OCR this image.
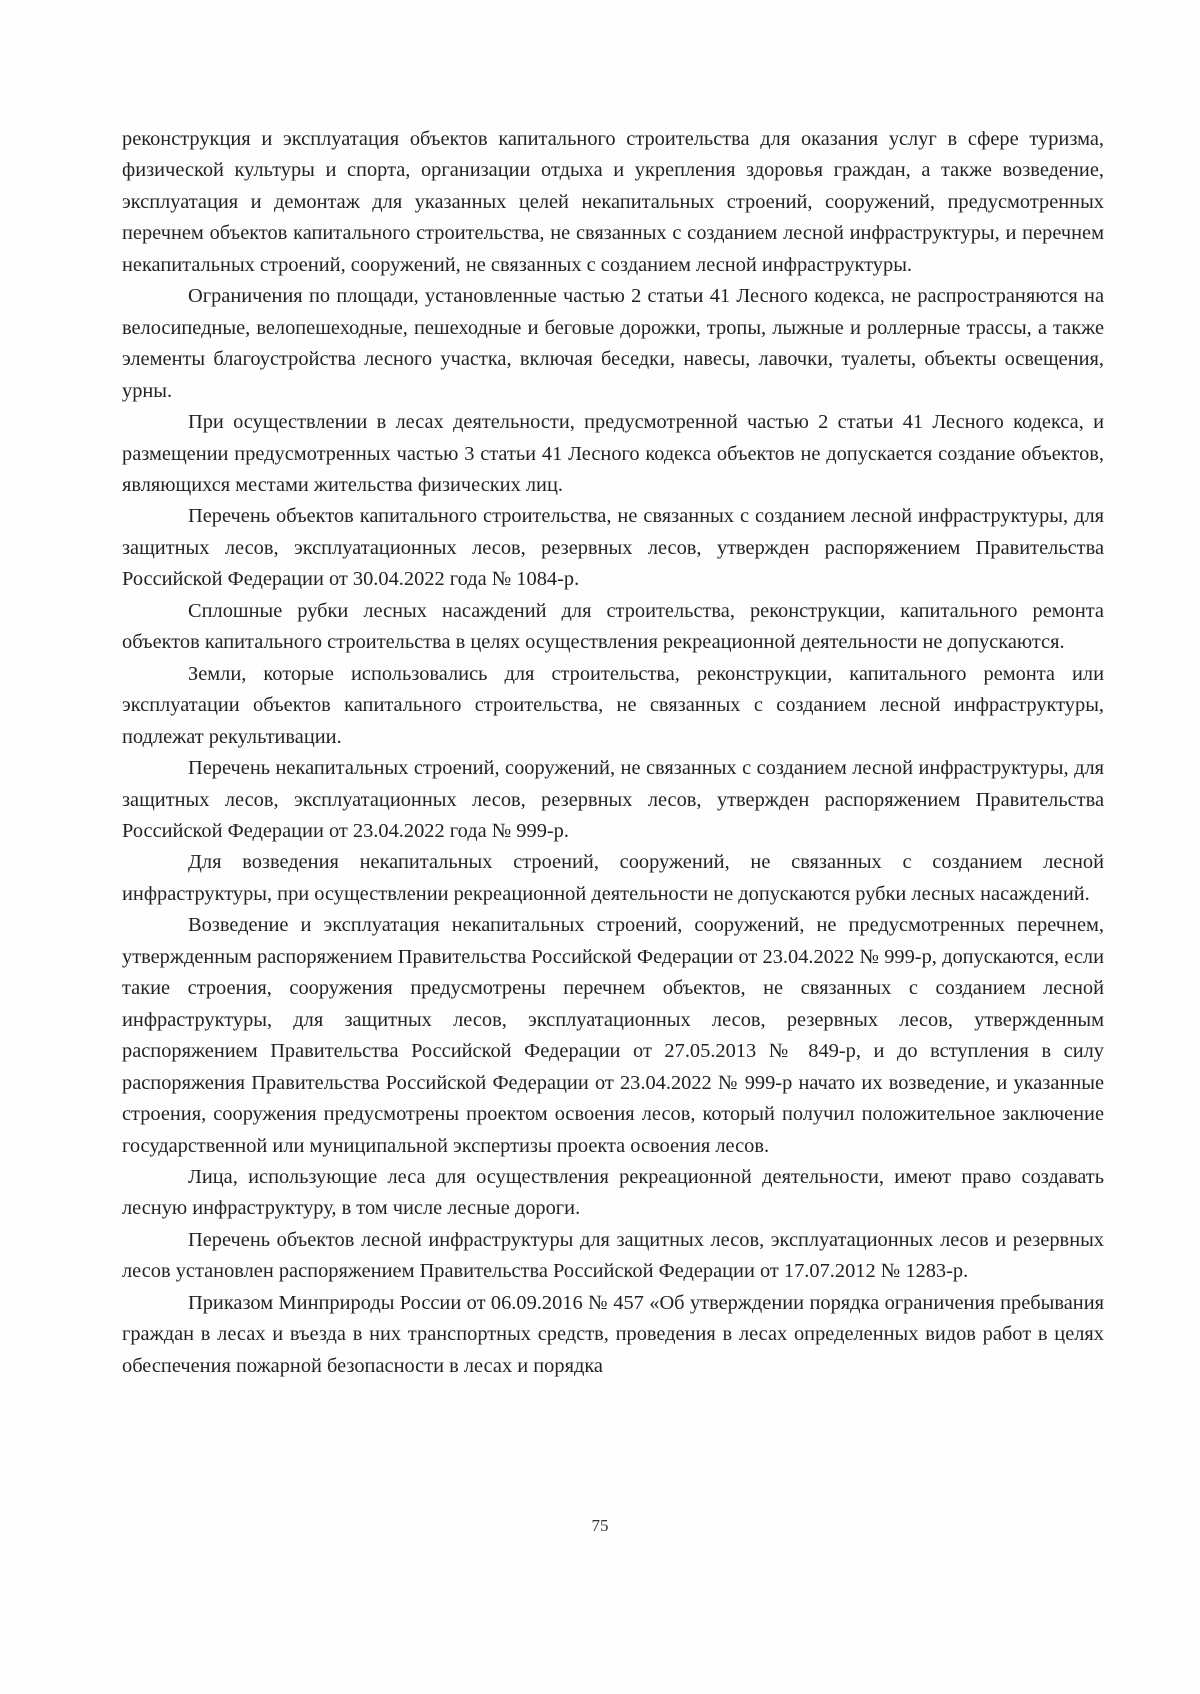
реконструкция и эксплуатация объектов капитального строительства для оказания услуг в сфере туризма, физической культуры и спорта, организации отдыха и укрепления здоровья граждан, а также возведение, эксплуатация и демонтаж для указанных целей некапитальных строений, сооружений, предусмотренных перечнем объектов капитального строительства, не связанных с созданием лесной инфраструктуры, и перечнем некапитальных строений, сооружений, не связанных с созданием лесной инфраструктуры.

Ограничения по площади, установленные частью 2 статьи 41 Лесного кодекса, не распространяются на велосипедные, велопешеходные, пешеходные и беговые дорожки, тропы, лыжные и роллерные трассы, а также элементы благоустройства лесного участка, включая беседки, навесы, лавочки, туалеты, объекты освещения, урны.

При осуществлении в лесах деятельности, предусмотренной частью 2 статьи 41 Лесного кодекса, и размещении предусмотренных частью 3 статьи 41 Лесного кодекса объектов не допускается создание объектов, являющихся местами жительства физических лиц.

Перечень объектов капитального строительства, не связанных с созданием лесной инфраструктуры, для защитных лесов, эксплуатационных лесов, резервных лесов, утвержден распоряжением Правительства Российской Федерации от 30.04.2022 года № 1084-р.

Сплошные рубки лесных насаждений для строительства, реконструкции, капитального ремонта объектов капитального строительства в целях осуществления рекреационной деятельности не допускаются.

Земли, которые использовались для строительства, реконструкции, капитального ремонта или эксплуатации объектов капитального строительства, не связанных с созданием лесной инфраструктуры, подлежат рекультивации.

Перечень некапитальных строений, сооружений, не связанных с созданием лесной инфраструктуры, для защитных лесов, эксплуатационных лесов, резервных лесов, утвержден распоряжением Правительства Российской Федерации от 23.04.2022 года № 999-р.

Для возведения некапитальных строений, сооружений, не связанных с созданием лесной инфраструктуры, при осуществлении рекреационной деятельности не допускаются рубки лесных насаждений.

Возведение и эксплуатация некапитальных строений, сооружений, не предусмотренных перечнем, утвержденным распоряжением Правительства Российской Федерации от 23.04.2022 № 999-р, допускаются, если такие строения, сооружения предусмотрены перечнем объектов, не связанных с созданием лесной инфраструктуры, для защитных лесов, эксплуатационных лесов, резервных лесов, утвержденным распоряжением Правительства Российской Федерации от 27.05.2013 № 849-р, и до вступления в силу распоряжения Правительства Российской Федерации от 23.04.2022 № 999-р начато их возведение, и указанные строения, сооружения предусмотрены проектом освоения лесов, который получил положительное заключение государственной или муниципальной экспертизы проекта освоения лесов.

Лица, использующие леса для осуществления рекреационной деятельности, имеют право создавать лесную инфраструктуру, в том числе лесные дороги.

Перечень объектов лесной инфраструктуры для защитных лесов, эксплуатационных лесов и резервных лесов установлен распоряжением Правительства Российской Федерации от 17.07.2012 № 1283-р.

Приказом Минприроды России от 06.09.2016 № 457 «Об утверждении порядка ограничения пребывания граждан в лесах и въезда в них транспортных средств, проведения в лесах определенных видов работ в целях обеспечения пожарной безопасности в лесах и порядка

75
